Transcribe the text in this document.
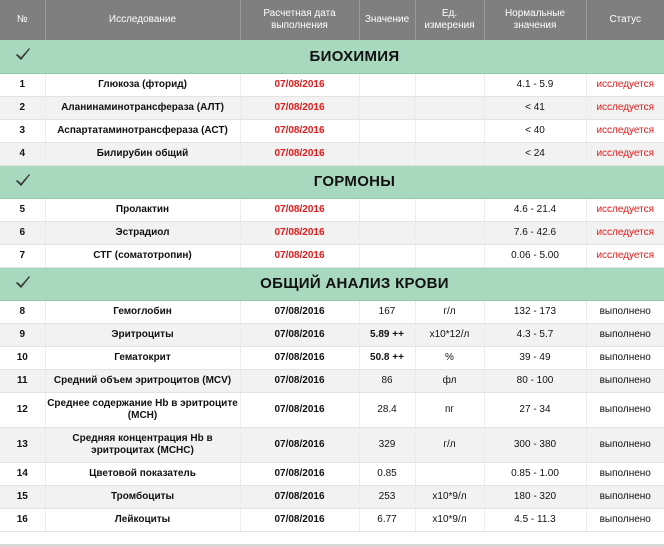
№	Исследование	Расчетная дата выполнения	Значение	Ед. измерения	Нормальные значения	Статус
	БИОХИМИЯ					
1	Глюкоза (фторид)	07/08/2016			4.1 - 5.9	исследуется
2	Аланинаминотрансфераза (АЛТ)	07/08/2016			< 41	исследуется
3	Аспартатаминотрансфераза (АСТ)	07/08/2016			< 40	исследуется
4	Билирубин общий	07/08/2016			< 24	исследуется
	ГОРМОНЫ					
5	Пролактин	07/08/2016			4.6 - 21.4	исследуется
6	Эстрадиол	07/08/2016			7.6 - 42.6	исследуется
7	СТГ (соматотропин)	07/08/2016			0.06 - 5.00	исследуется
	ОБЩИЙ АНАЛИЗ КРОВИ					
8	Гемоглобин	07/08/2016	167	г/л	132 - 173	выполнено
9	Эритроциты	07/08/2016	5.89 ++	х10*12/л	4.3 - 5.7	выполнено
10	Гематокрит	07/08/2016	50.8 ++	%	39 - 49	выполнено
11	Средний объем эритроцитов (MCV)	07/08/2016	86	фл	80 - 100	выполнено
12	Среднее содержание Hb в эритроците (MCH)	07/08/2016	28.4	пг	27 - 34	выполнено
13	Средняя концентрация Hb в эритроцитах (MCHC)	07/08/2016	329	г/л	300 - 380	выполнено
14	Цветовой показатель	07/08/2016	0.85		0.85 - 1.00	выполнено
15	Тромбоциты	07/08/2016	253	х10*9/л	180 - 320	выполнено
16	Лейкоциты	07/08/2016	6.77	х10*9/л	4.5 - 11.3	выполнено
